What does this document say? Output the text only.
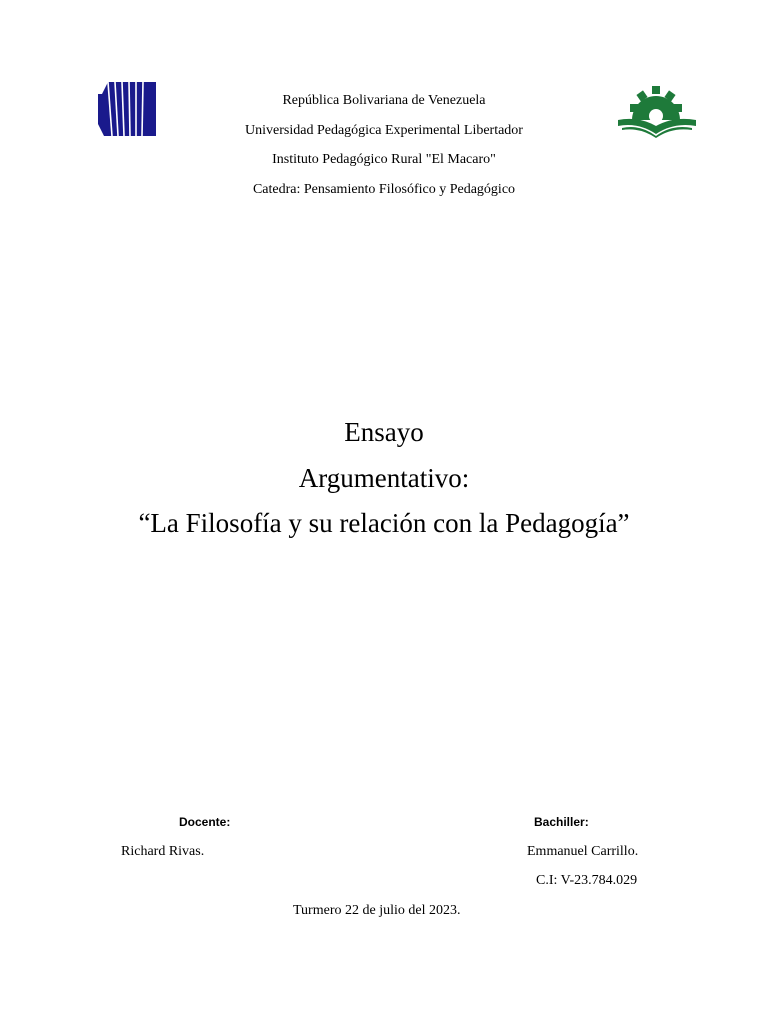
República Bolivariana de Venezuela
Universidad Pedagógica Experimental Libertador
Instituto Pedagógico Rural "El Macaro"
Catedra: Pensamiento Filosófico y Pedagógico
Ensayo
Argumentativo:
“La Filosofía y su relación con la Pedagogía”
Docente:
Richard Rivas.
Bachiller:
Emmanuel Carrillo.
C.I: V-23.784.029
Turmero 22 de julio del 2023.
